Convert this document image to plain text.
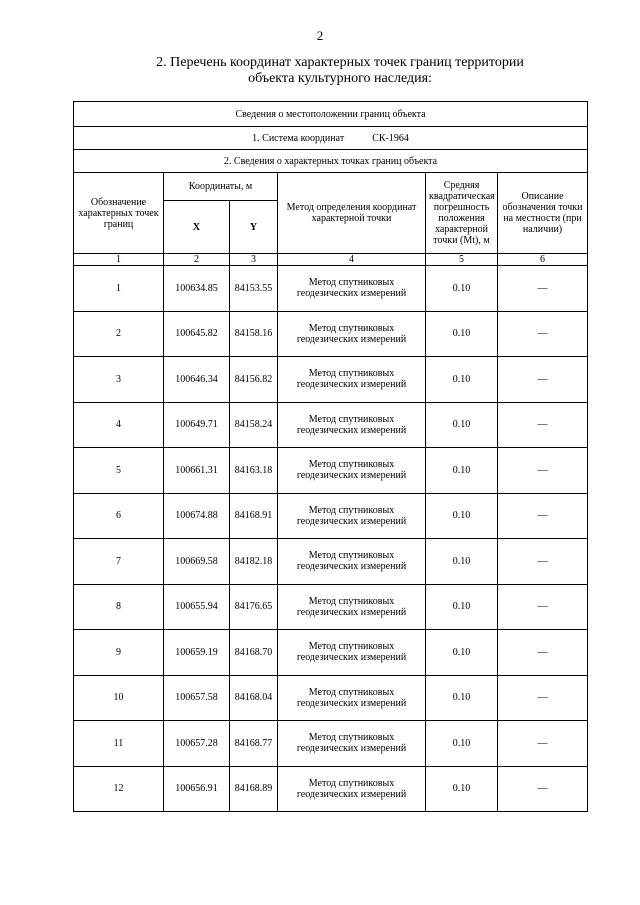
2
2. Перечень координат характерных точек границ территории
объекта культурного наследия:
Сведения о местоположении границ объекта					
1. Система координат СК-1964					
2. Сведения о характерных точках границ объекта					
Обозначение характерных точек границ	Координаты, м		Метод определения координат характерной точки	Средняя квадратическая погрешность положения характерной точки (Mt), м	Описание обозначения точки на местности (при наличии)
	X	Y			
1	2	3	4	5	6
1	100634.85	84153.55	Метод спутниковых геодезических измерений	0.10	—
2	100645.82	84158.16	Метод спутниковых геодезических измерений	0.10	—
3	100646.34	84156.82	Метод спутниковых геодезических измерений	0.10	—
4	100649.71	84158.24	Метод спутниковых геодезических измерений	0.10	—
5	100661.31	84163.18	Метод спутниковых геодезических измерений	0.10	—
6	100674.88	84168.91	Метод спутниковых геодезических измерений	0.10	—
7	100669.58	84182.18	Метод спутниковых геодезических измерений	0.10	—
8	100655.94	84176.65	Метод спутниковых геодезических измерений	0.10	—
9	100659.19	84168.70	Метод спутниковых геодезических измерений	0.10	—
10	100657.58	84168.04	Метод спутниковых геодезических измерений	0.10	—
11	100657.28	84168.77	Метод спутниковых геодезических измерений	0.10	—
12	100656.91	84168.89	Метод спутниковых геодезических измерений	0.10	—
